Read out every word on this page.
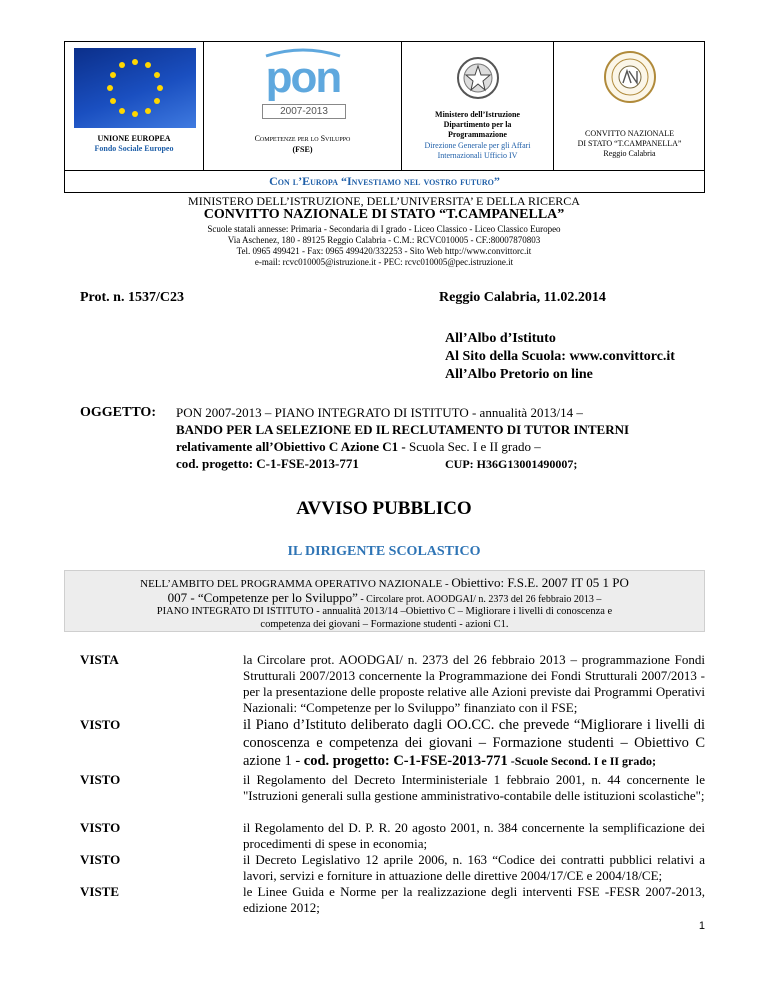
UNIONE EUROPEA
Fondo Sociale Europeo
pon
2007-2013
Competenze per lo Sviluppo
(FSE)
Ministero dell’Istruzione
Dipartimento per la
Programmazione
Direzione Generale per gli Affari
Internazionali Ufficio IV
CONVITTO NAZIONALE
DI STATO “T.CAMPANELLA”
Reggio Calabria
Con l’Europa “Investiamo nel vostro futuro”
MINISTERO DELL’ISTRUZIONE, DELL’UNIVERSITA’ E DELLA RICERCA
CONVITTO NAZIONALE DI STATO “T.CAMPANELLA”
Scuole statali annesse: Primaria - Secondaria di I grado - Liceo Classico - Liceo Classico Europeo
Via Aschenez, 180 - 89125 Reggio Calabria - C.M.: RCVC010005 - CF.:80007870803
Tel. 0965 499421 - Fax: 0965 499420/332253 - Sito Web http://www.convittorc.it
e-mail: rcvc010005@istruzione.it - PEC: rcvc010005@pec.istruzione.it
Prot. n. 1537/C23	Reggio Calabria, 11.02.2014
All’Albo d’Istituto
Al Sito della Scuola: www.convittorc.it
All’Albo Pretorio on line
OGGETTO: PON 2007-2013 – PIANO INTEGRATO DI ISTITUTO - annualità 2013/14 –
BANDO PER LA SELEZIONE ED IL RECLUTAMENTO DI TUTOR INTERNI
relativamente all’Obiettivo C Azione C1 - Scuola Sec. I e II grado –
cod. progetto: C-1-FSE-2013-771	CUP: H36G13001490007;
AVVISO PUBBLICO
IL DIRIGENTE SCOLASTICO
NELL’AMBITO DEL PROGRAMMA OPERATIVO NAZIONALE - Obiettivo: F.S.E. 2007 IT 05 1 PO
007 - “Competenze per lo Sviluppo” - Circolare prot. AOODGAI/ n. 2373 del 26 febbraio 2013 –
PIANO INTEGRATO DI ISTITUTO - annualità 2013/14 –Obiettivo C – Migliorare i livelli di conoscenza e
competenza dei giovani – Formazione studenti - azioni C1.
VISTA	la Circolare prot. AOODGAI/ n. 2373 del 26 febbraio 2013 – programmazione Fondi Strutturali 2007/2013 concernente la Programmazione dei Fondi Strutturali 2007/2013 - per la presentazione delle proposte relative alle Azioni previste dai Programmi Operativi Nazionali: “Competenze per lo Sviluppo” finanziato con il FSE;
VISTO	il Piano d’Istituto deliberato dagli OO.CC. che prevede “Migliorare i livelli di conoscenza e competenza dei giovani – Formazione studenti – Obiettivo C azione 1 - cod. progetto: C-1-FSE-2013-771 -Scuole Second. I e II grado;
VISTO	il Regolamento del Decreto Interministeriale 1 febbraio 2001, n. 44 concernente le "Istruzioni generali sulla gestione amministrativo-contabile delle istituzioni scolastiche";
VISTO	il Regolamento del D. P. R. 20 agosto 2001, n. 384 concernente la semplificazione dei procedimenti di spese in economia;
VISTO	il Decreto Legislativo 12 aprile 2006, n. 163 “Codice dei contratti pubblici relativi a lavori, servizi e forniture in attuazione delle direttive 2004/17/CE e 2004/18/CE;
VISTE	le Linee Guida e Norme per la realizzazione degli interventi FSE -FESR 2007-2013, edizione 2012;
1
